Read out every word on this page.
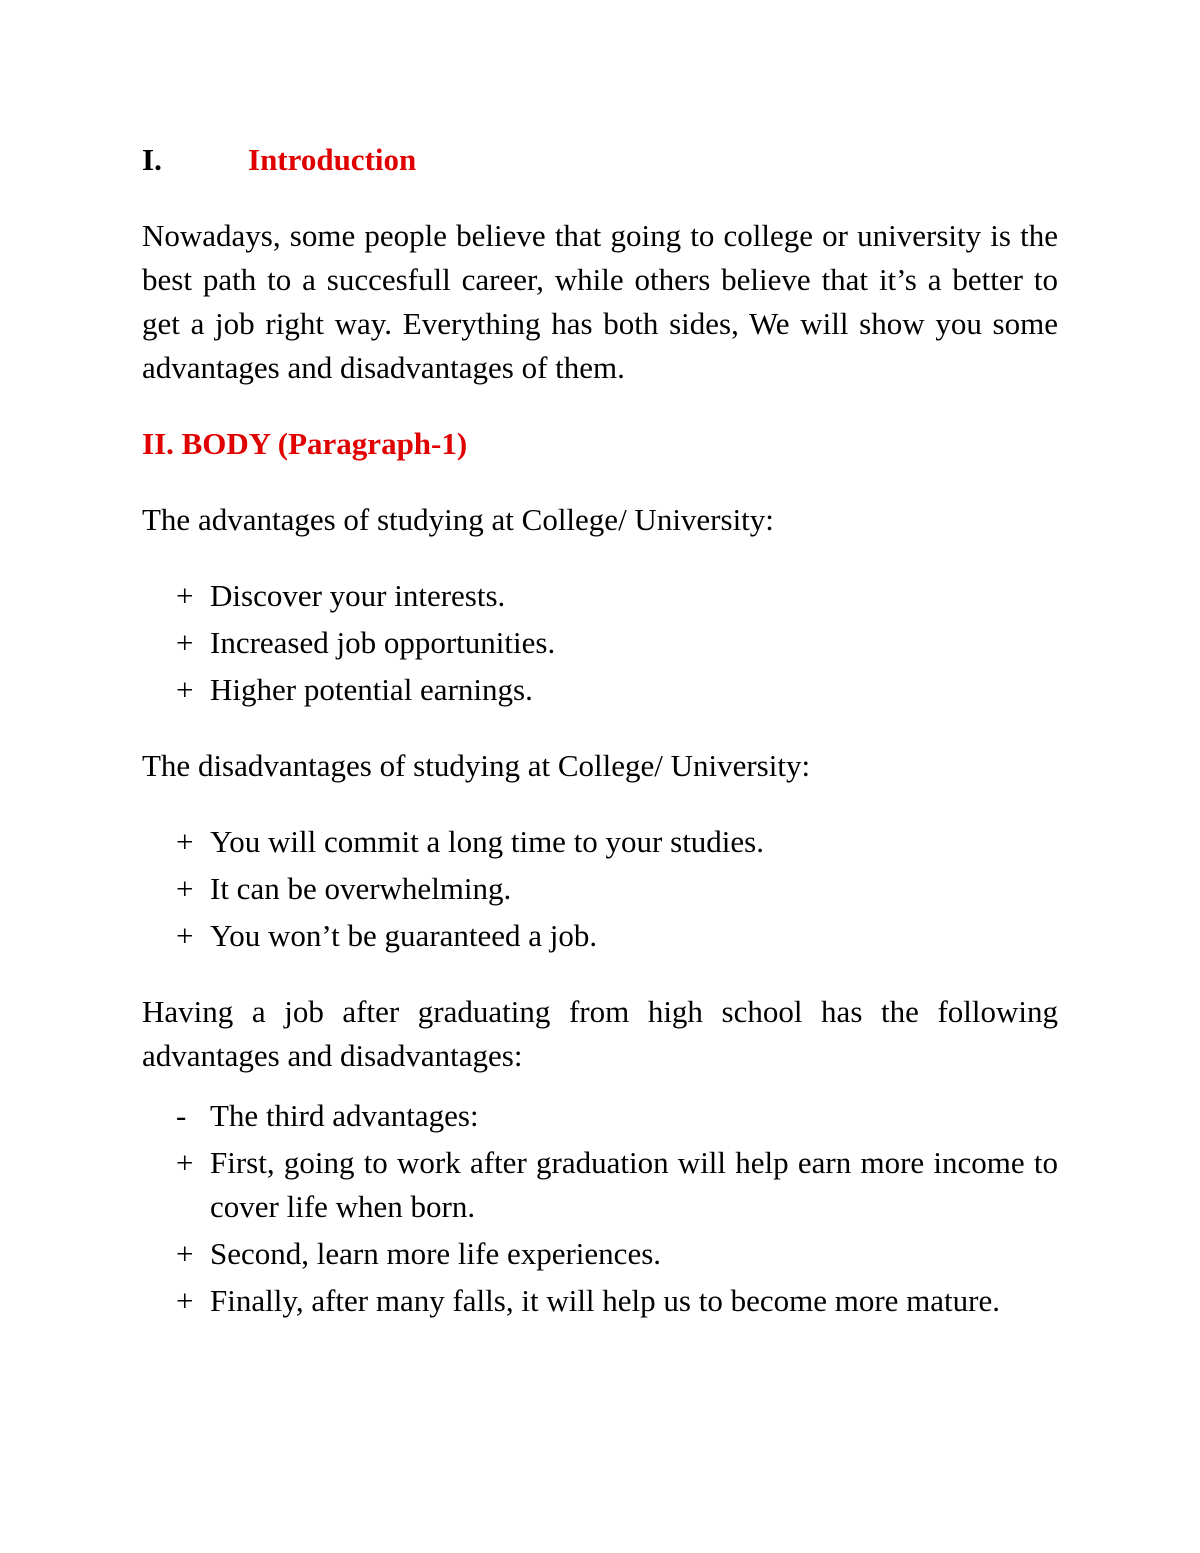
I.	Introduction

Nowadays, some people believe that going to college or university is the best path to a succesfull career, while others believe that it’s a better to get a job right way. Everything has both sides, We will show you some advantages and disadvantages of them.

II. BODY (Paragraph-1)

The advantages of studying at College/ University:

+ Discover your interests.
+ Increased job opportunities.
+ Higher potential earnings.

The disadvantages of studying at College/ University:

+ You will commit a long time to your studies.
+ It can be overwhelming.
+ You won’t be guaranteed a job.

Having a job after graduating from high school has the following advantages and disadvantages:

- The third advantages:
+ First, going to work after graduation will help earn more income to cover life when born.
+ Second, learn more life experiences.
+ Finally, after many falls, it will help us to become more mature.
